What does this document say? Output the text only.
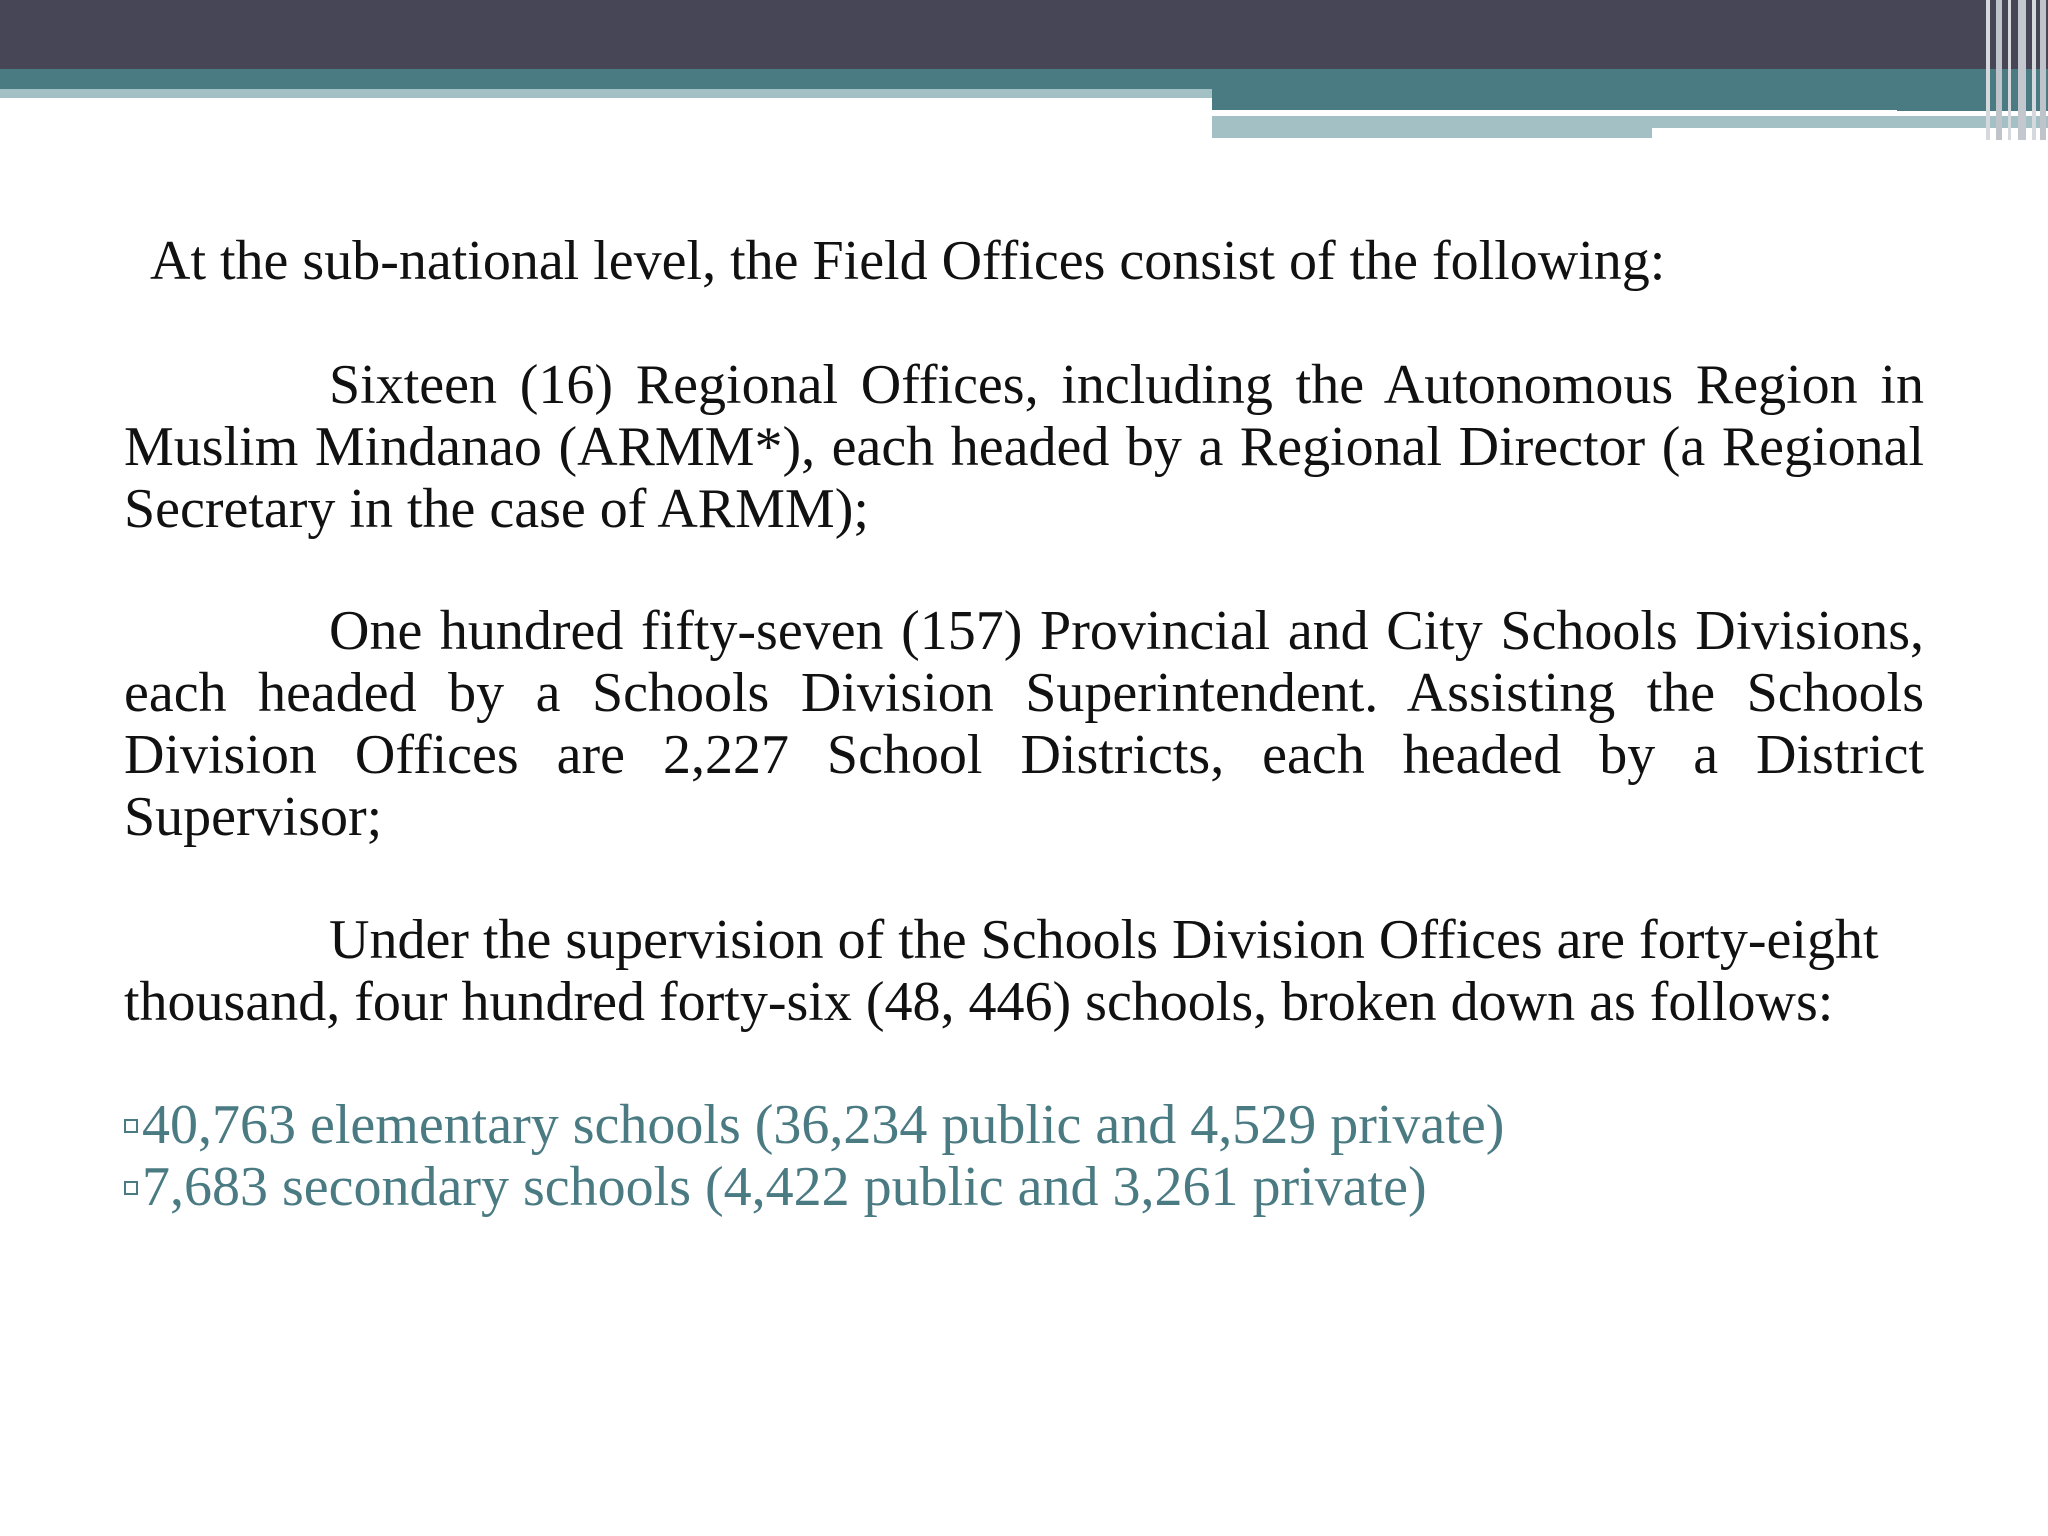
At the sub-national level, the Field Offices consist of the following:
Sixteen (16) Regional Offices, including the Autonomous Region in Muslim Mindanao (ARMM*), each headed by a Regional Director (a Regional Secretary in the case of ARMM);
One hundred fifty-seven (157) Provincial and City Schools Divisions, each headed by a Schools Division Superintendent. Assisting the Schools Division Offices are 2,227 School Districts, each headed by a District Supervisor;
Under the supervision of the Schools Division Offices are forty-eight thousand, four hundred forty-six (48, 446) schools, broken down as follows:
40,763 elementary schools (36,234 public and 4,529 private)
7,683 secondary schools (4,422 public and 3,261 private)
